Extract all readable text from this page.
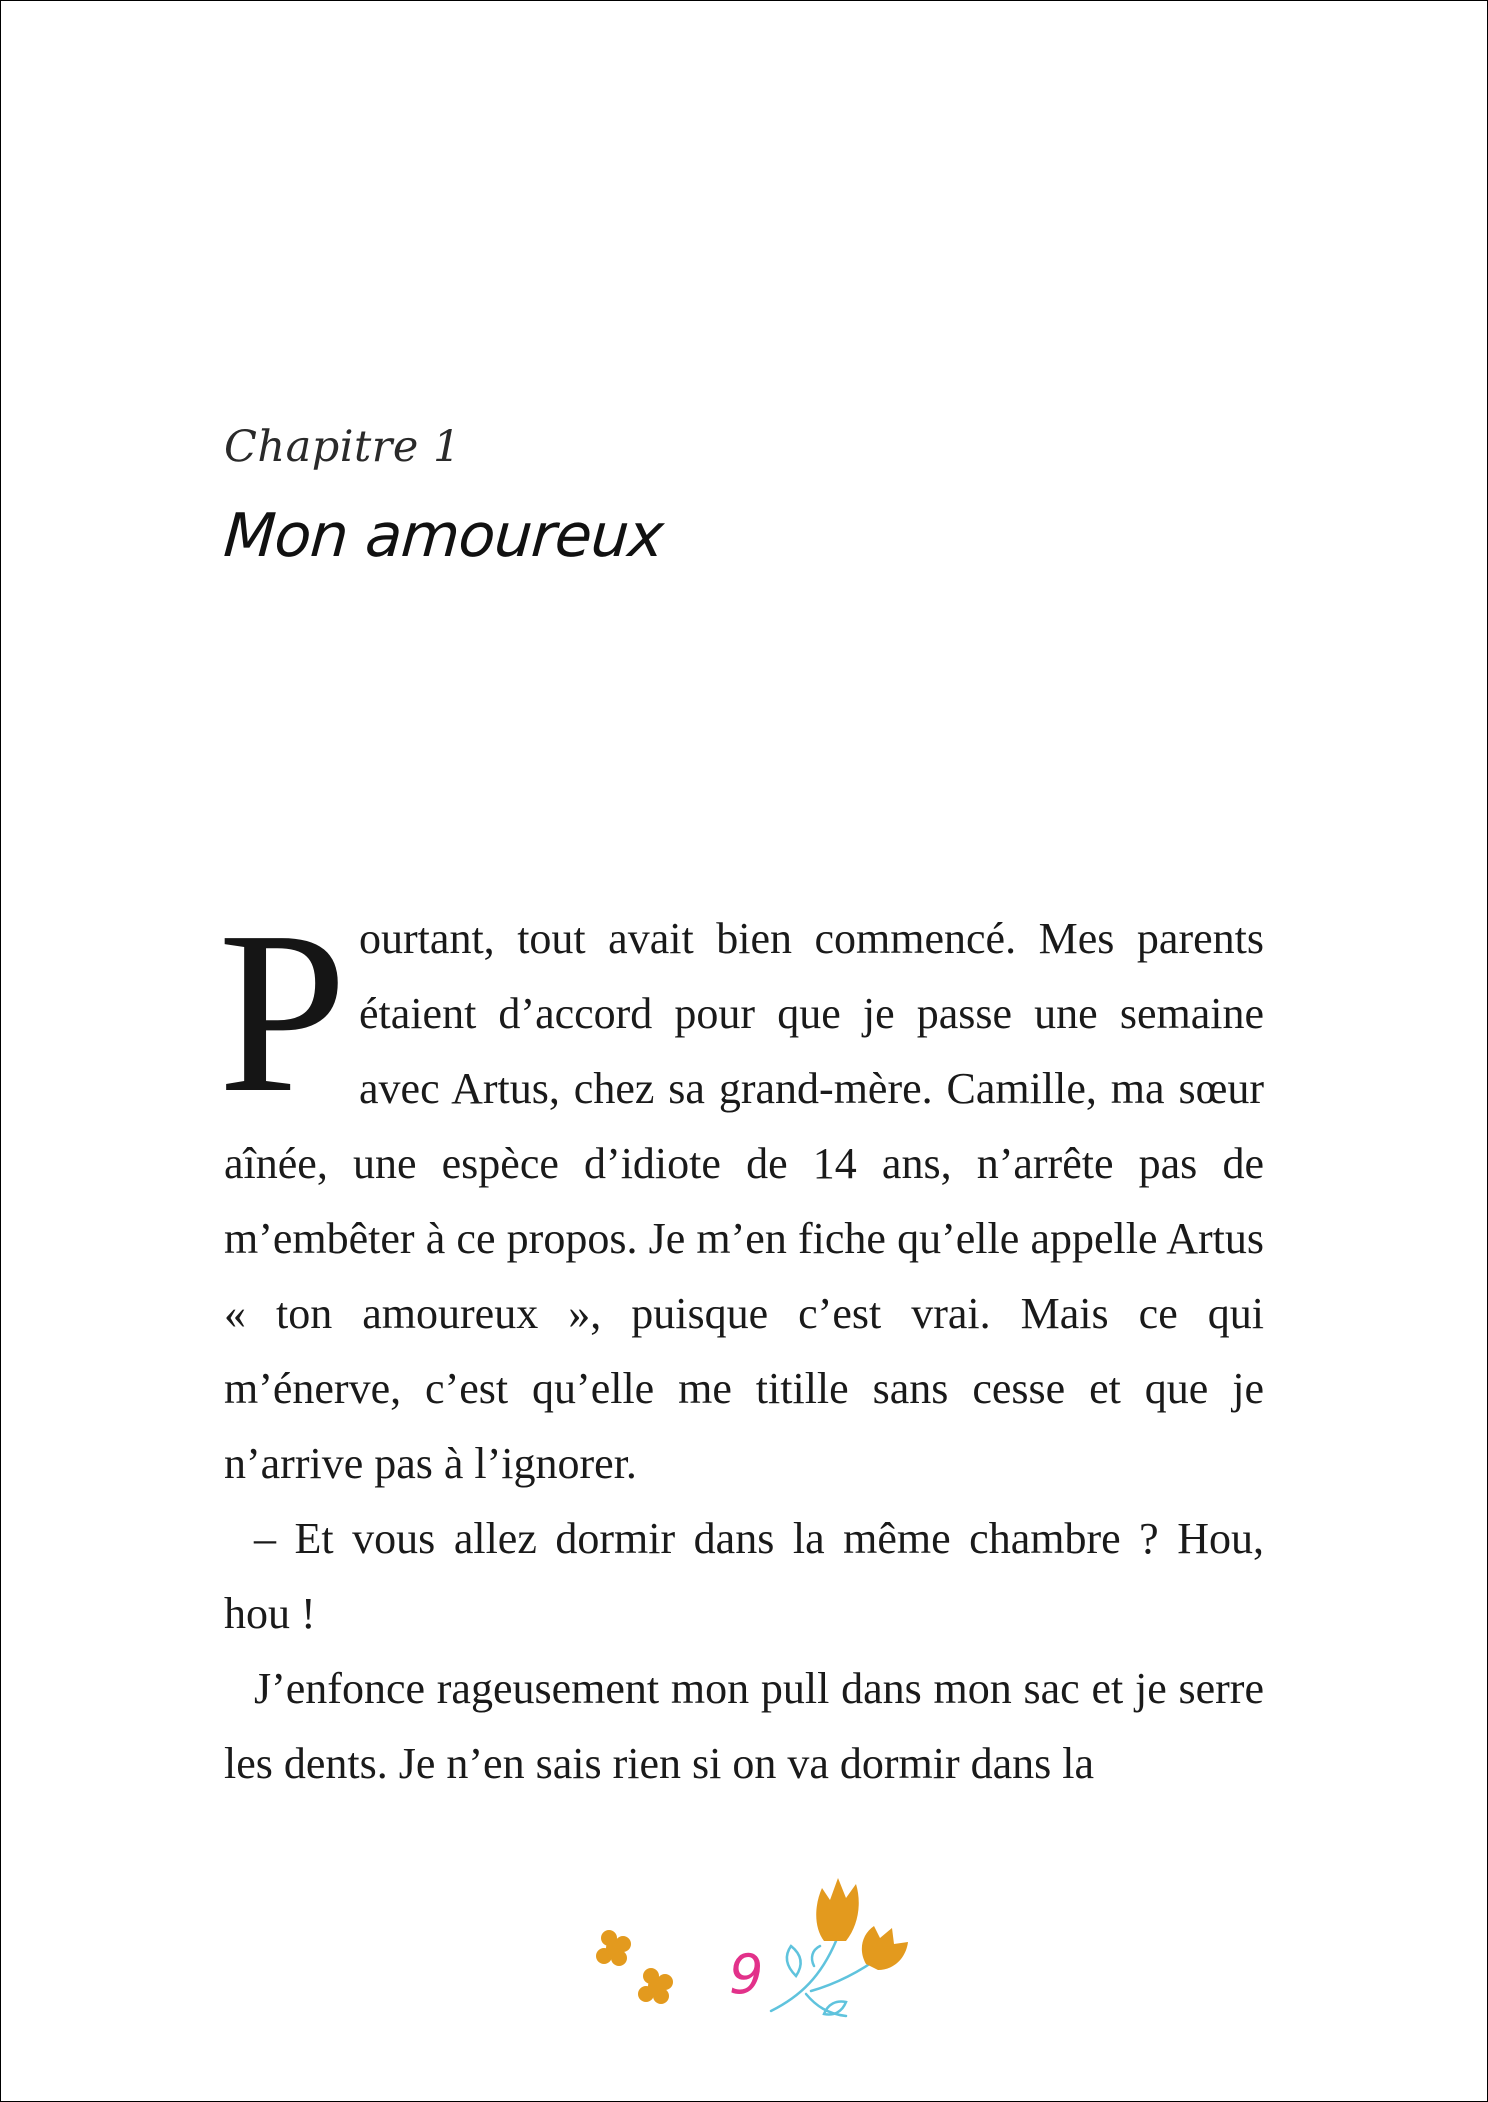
Chapitre 1
Mon amoureux

Pourtant, tout avait bien commencé. Mes parents étaient d’accord pour que je passe une semaine avec Artus, chez sa grand-mère. Camille, ma sœur aînée, une espèce d’idiote de 14 ans, n’arrête pas de m’embêter à ce propos. Je m’en fiche qu’elle appelle Artus « ton amoureux », puisque c’est vrai. Mais ce qui m’énerve, c’est qu’elle me titille sans cesse et que je n’arrive pas à l’ignorer.

– Et vous allez dormir dans la même chambre ? Hou, hou !

J’enfonce rageusement mon pull dans mon sac et je serre les dents. Je n’en sais rien si on va dormir dans la

9
